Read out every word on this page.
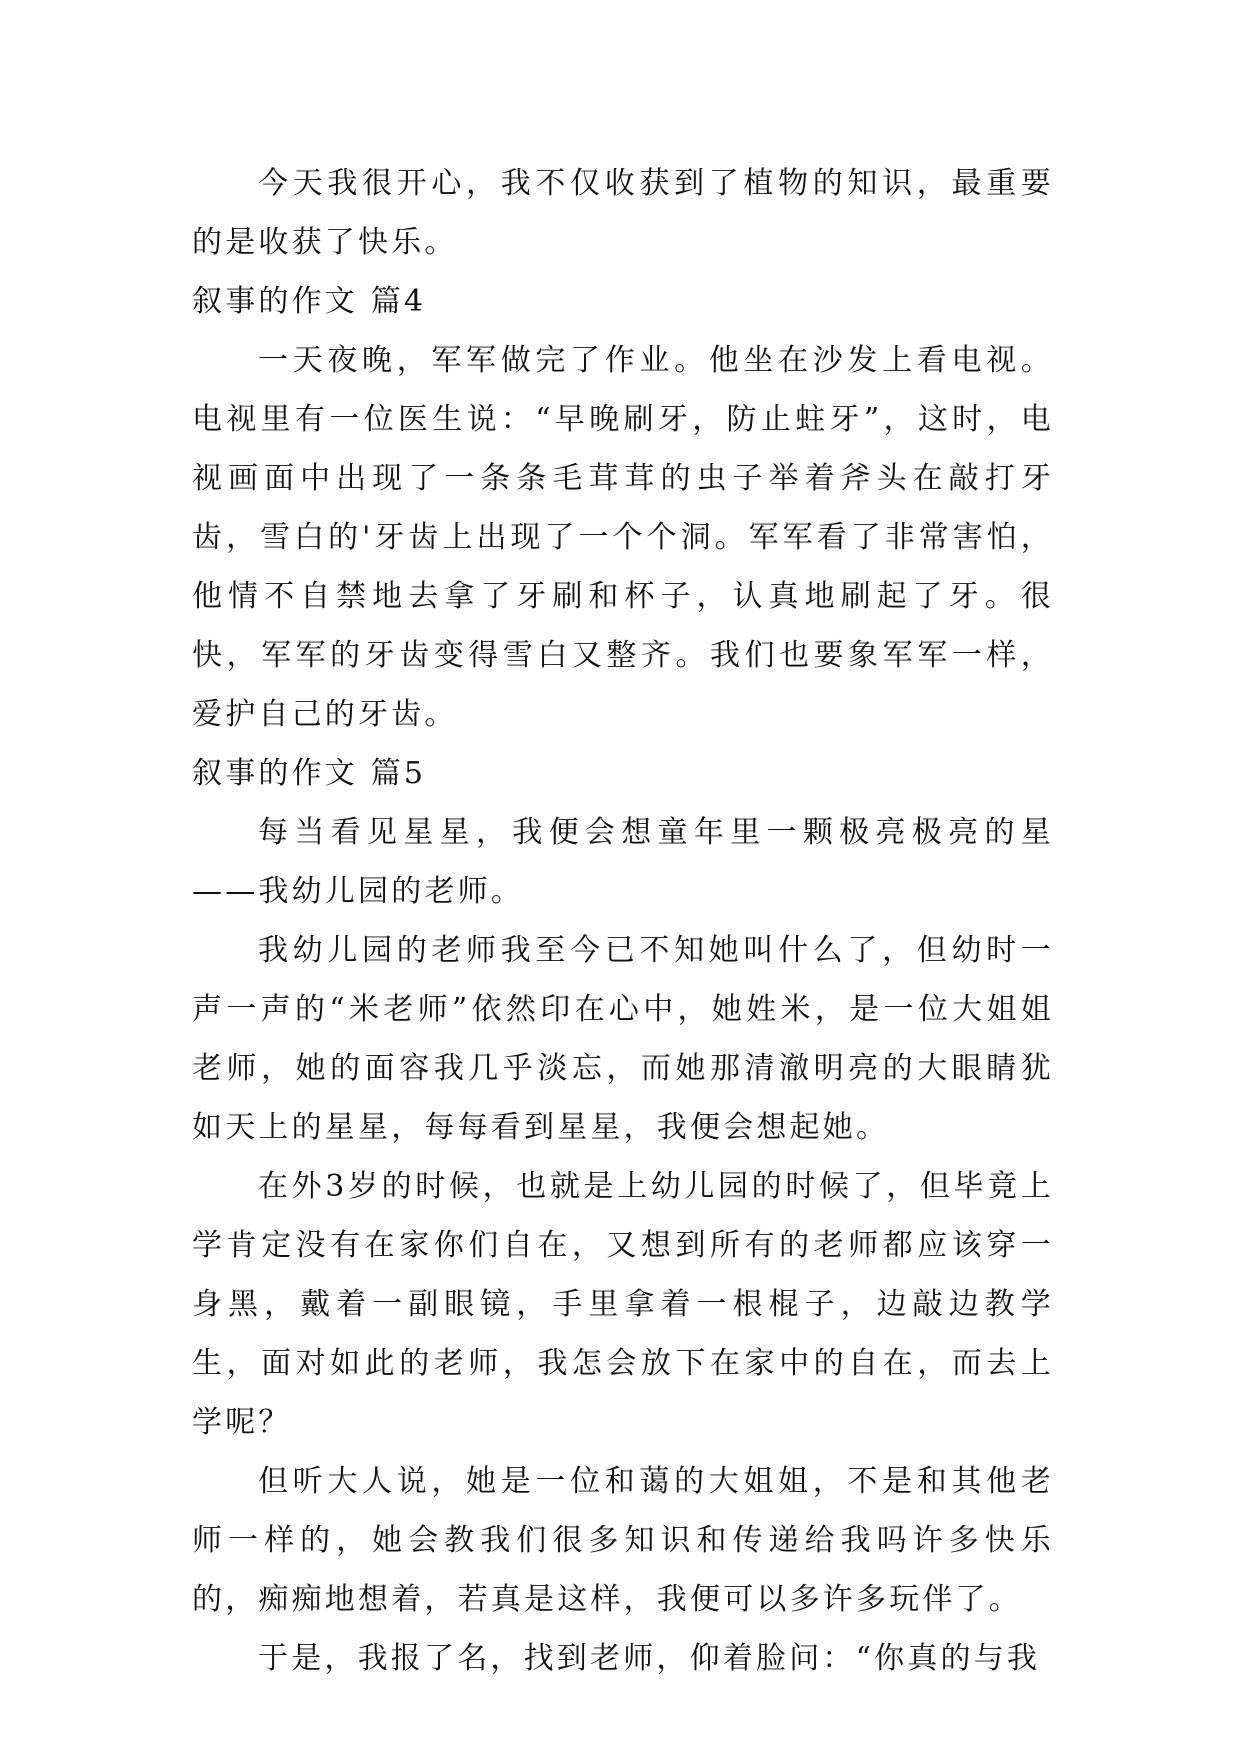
今天我很开心，我不仅收获到了植物的知识，最重要的是收获了快乐。

叙事的作文 篇4

一天夜晚，军军做完了作业。他坐在沙发上看电视。电视里有一位医生说：“早晚刷牙，防止蛀牙”，这时，电视画面中出现了一条条毛茸茸的虫子举着斧头在敲打牙齿，雪白的'牙齿上出现了一个个洞。军军看了非常害怕，他情不自禁地去拿了牙刷和杯子，认真地刷起了牙。很快，军军的牙齿变得雪白又整齐。我们也要象军军一样，爱护自己的牙齿。

叙事的作文 篇5

每当看见星星，我便会想童年里一颗极亮极亮的星——我幼儿园的老师。

我幼儿园的老师我至今已不知她叫什么了，但幼时一声一声的“米老师”依然印在心中，她姓米，是一位大姐姐老师，她的面容我几乎淡忘，而她那清澈明亮的大眼睛犹如天上的星星，每每看到星星，我便会想起她。

在外3岁的时候，也就是上幼儿园的时候了，但毕竟上学肯定没有在家你们自在，又想到所有的老师都应该穿一身黑，戴着一副眼镜，手里拿着一根棍子，边敲边教学生，面对如此的老师，我怎会放下在家中的自在，而去上学呢？

但听大人说，她是一位和蔼的大姐姐，不是和其他老师一样的，她会教我们很多知识和传递给我吗许多快乐的，痴痴地想着，若真是这样，我便可以多许多玩伴了。

于是，我报了名，找到老师，仰着脸问：“你真的与我
